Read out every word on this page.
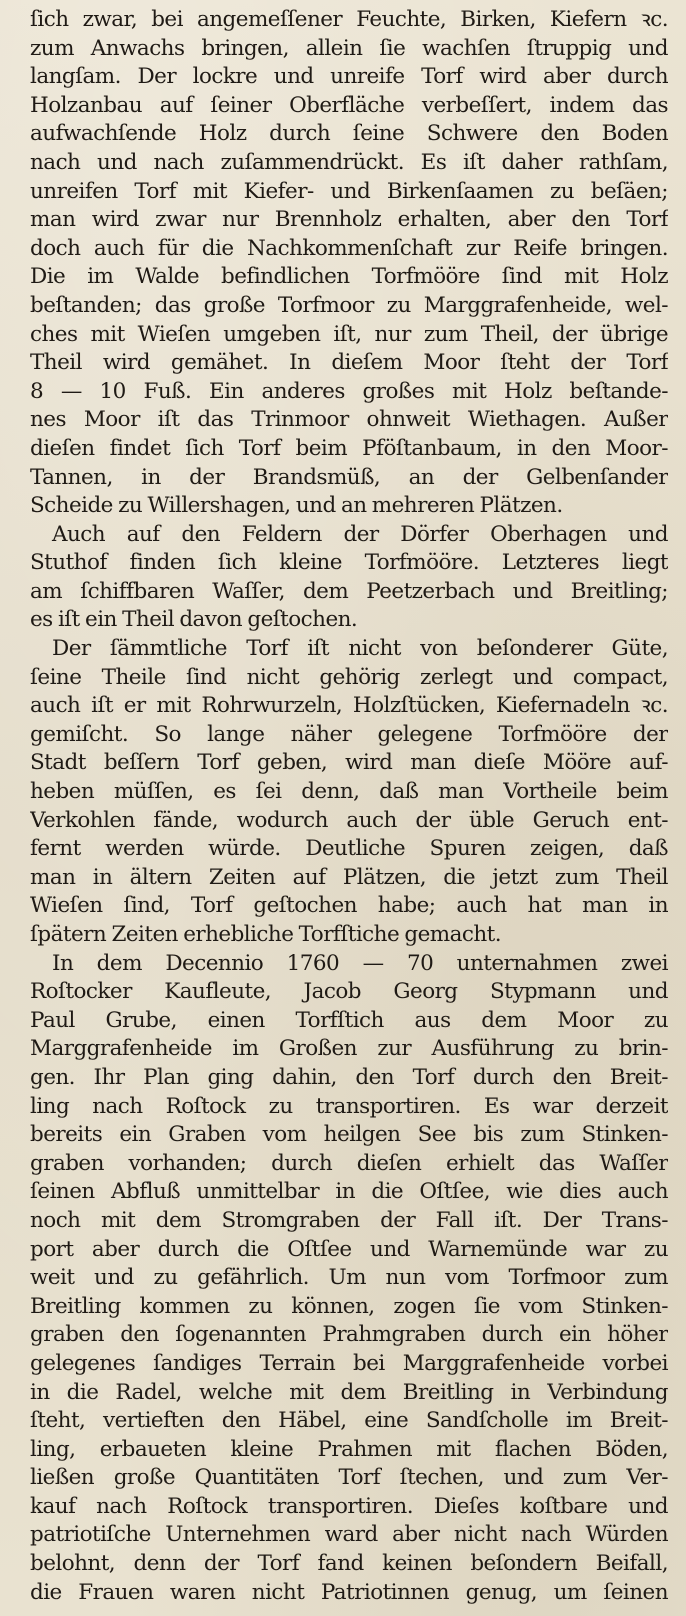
ſich zwar, bei angemeſſener Feuchte, Birken, Kiefern ꝛc.
zum Anwachs bringen, allein ſie wachſen ſtruppig und
langſam. Der lockre und unreife Torf wird aber durch
Holzanbau auf ſeiner Oberfläche verbeſſert, indem das
aufwachſende Holz durch ſeine Schwere den Boden
nach und nach zuſammendrückt. Es iſt daher rathſam,
unreifen Torf mit Kiefer- und Birkenſaamen zu beſäen;
man wird zwar nur Brennholz erhalten, aber den Torf
doch auch für die Nachkommenſchaft zur Reife bringen.
Die im Walde befindlichen Torfmööre ſind mit Holz
beſtanden; das große Torfmoor zu Marggrafenheide, wel-
ches mit Wieſen umgeben iſt, nur zum Theil, der übrige
Theil wird gemähet. In dieſem Moor ſteht der Torf
8 — 10 Fuß. Ein anderes großes mit Holz beſtande-
nes Moor iſt das Trinmoor ohnweit Wiethagen. Außer
dieſen findet ſich Torf beim Pföſtanbaum, in den Moor-
Tannen, in der Brandsmüß, an der Gelbenſander
Scheide zu Willershagen, und an mehreren Plätzen.
Auch auf den Feldern der Dörfer Oberhagen und
Stuthof finden ſich kleine Torfmööre. Letzteres liegt
am ſchiffbaren Waſſer, dem Peetzerbach und Breitling;
es iſt ein Theil davon geſtochen.
Der ſämmtliche Torf iſt nicht von beſonderer Güte,
ſeine Theile ſind nicht gehörig zerlegt und compact,
auch iſt er mit Rohrwurzeln, Holzſtücken, Kiefernadeln ꝛc.
gemiſcht. So lange näher gelegene Torfmööre der
Stadt beſſern Torf geben, wird man dieſe Mööre auf-
heben müſſen, es ſei denn, daß man Vortheile beim
Verkohlen fände, wodurch auch der üble Geruch ent-
fernt werden würde. Deutliche Spuren zeigen, daß
man in ältern Zeiten auf Plätzen, die jetzt zum Theil
Wieſen ſind, Torf geſtochen habe; auch hat man in
ſpätern Zeiten erhebliche Torfſtiche gemacht.
In dem Decennio 1760 — 70 unternahmen zwei
Roſtocker Kaufleute, Jacob Georg Stypmann und
Paul Grube, einen Torfſtich aus dem Moor zu
Marggrafenheide im Großen zur Ausführung zu brin-
gen. Ihr Plan ging dahin, den Torf durch den Breit-
ling nach Roſtock zu transportiren. Es war derzeit
bereits ein Graben vom heilgen See bis zum Stinken-
graben vorhanden; durch dieſen erhielt das Waſſer
ſeinen Abfluß unmittelbar in die Oſtſee, wie dies auch
noch mit dem Stromgraben der Fall iſt. Der Trans-
port aber durch die Oſtſee und Warnemünde war zu
weit und zu gefährlich. Um nun vom Torfmoor zum
Breitling kommen zu können, zogen ſie vom Stinken-
graben den ſogenannten Prahmgraben durch ein höher
gelegenes ſandiges Terrain bei Marggrafenheide vorbei
in die Radel, welche mit dem Breitling in Verbindung
ſteht, vertieften den Häbel, eine Sandſcholle im Breit-
ling, erbaueten kleine Prahmen mit flachen Böden,
ließen große Quantitäten Torf ſtechen, und zum Ver-
kauf nach Roſtock transportiren. Dieſes koſtbare und
patriotiſche Unternehmen ward aber nicht nach Würden
belohnt, denn der Torf fand keinen beſondern Beifall,
die Frauen waren nicht Patriotinnen genug, um ſeinen
